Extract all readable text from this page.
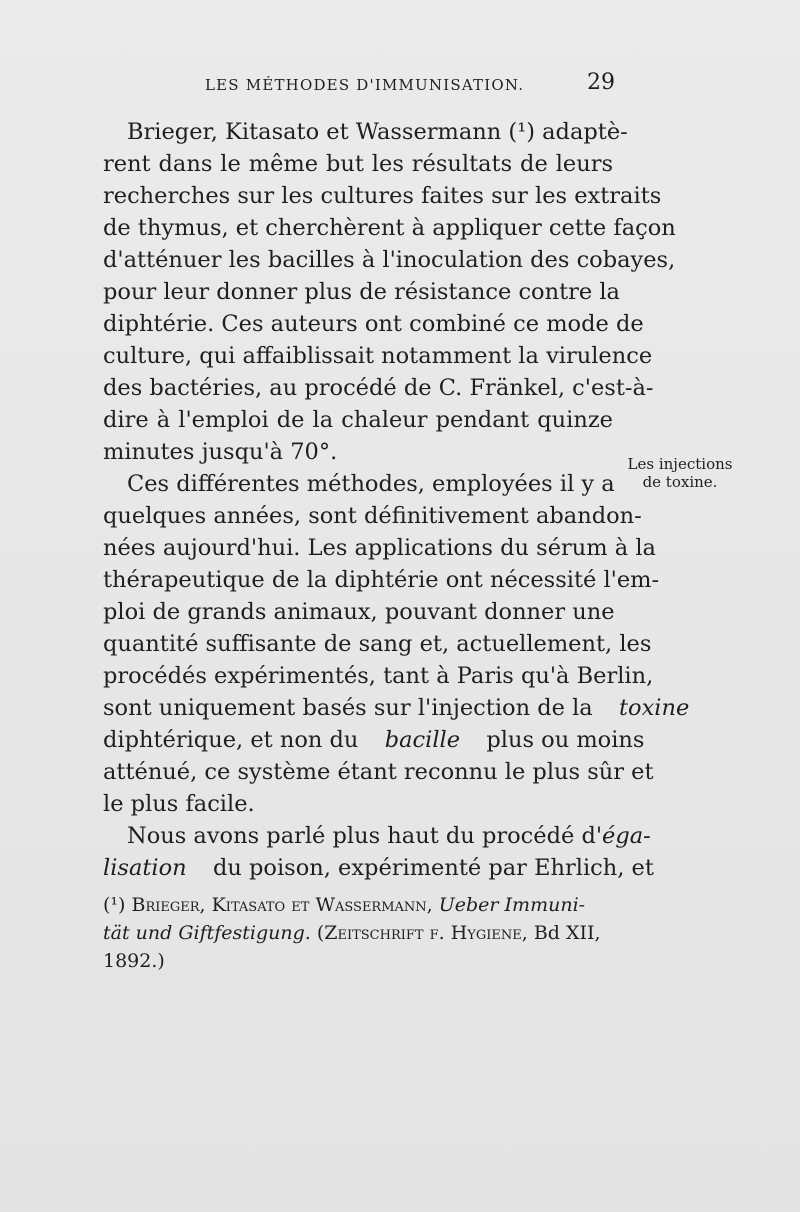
LES MÉTHODES D'IMMUNISATION.	29
Brieger, Kitasato et Wassermann (¹) adaptè-
rent dans le même but les résultats de leurs
recherches sur les cultures faites sur les extraits
de thymus, et cherchèrent à appliquer cette façon
d'atténuer les bacilles à l'inoculation des cobayes,
pour leur donner plus de résistance contre la
diphtérie. Ces auteurs ont combiné ce mode de
culture, qui affaiblissait notamment la virulence
des bactéries, au procédé de C. Fränkel, c'est-à-
dire à l'emploi de la chaleur pendant quinze
minutes jusqu'à 70°.
Ces différentes méthodes, employées il y a
quelques années, sont définitivement abandon-
nées aujourd'hui. Les applications du sérum à la
thérapeutique de la diphtérie ont nécessité l'em-
ploi de grands animaux, pouvant donner une
quantité suffisante de sang et, actuellement, les
procédés expérimentés, tant à Paris qu'à Berlin,
sont uniquement basés sur l'injection de la toxine
diphtérique, et non du bacille plus ou moins
atténué, ce système étant reconnu le plus sûr et
le plus facile.
Nous avons parlé plus haut du procédé d'éga-
lisation du poison, expérimenté par Ehrlich, et
Les injections
de toxine.
(¹) Brieger, Kitasato et Wassermann, Ueber Immuni-
tät und Giftfestigung. (Zeitschrift f. Hygiene, Bd XII,
1892.)
